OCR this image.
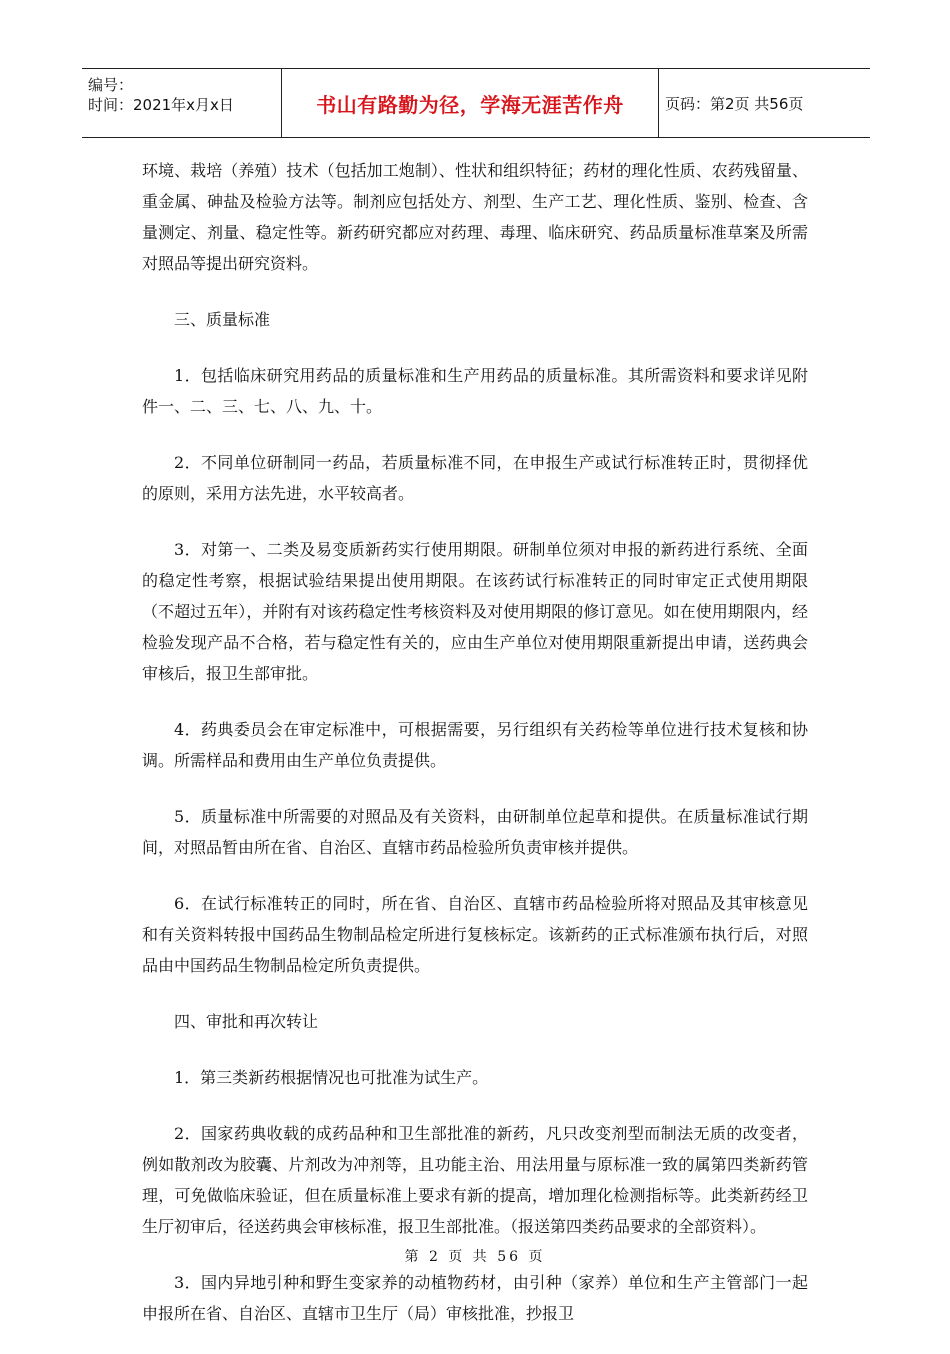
编号：
时间：2021年x月x日	书山有路勤为径，学海无涯苦作舟	页码：第2页 共56页

环境、栽培（养殖）技术（包括加工炮制）、性状和组织特征；药材的理化性质、农药残留量、重金属、砷盐及检验方法等。制剂应包括处方、剂型、生产工艺、理化性质、鉴别、检查、含量测定、剂量、稳定性等。新药研究都应对药理、毒理、临床研究、药品质量标准草案及所需对照品等提出研究资料。

三、质量标准

1．包括临床研究用药品的质量标准和生产用药品的质量标准。其所需资料和要求详见附件一、二、三、七、八、九、十。

2．不同单位研制同一药品，若质量标准不同，在申报生产或试行标准转正时，贯彻择优的原则，采用方法先进，水平较高者。

3．对第一、二类及易变质新药实行使用期限。研制单位须对申报的新药进行系统、全面的稳定性考察，根据试验结果提出使用期限。在该药试行标准转正的同时审定正式使用期限（不超过五年），并附有对该药稳定性考核资料及对使用期限的修订意见。如在使用期限内，经检验发现产品不合格，若与稳定性有关的，应由生产单位对使用期限重新提出申请，送药典会审核后，报卫生部审批。

4．药典委员会在审定标准中，可根据需要，另行组织有关药检等单位进行技术复核和协调。所需样品和费用由生产单位负责提供。

5．质量标准中所需要的对照品及有关资料，由研制单位起草和提供。在质量标准试行期间，对照品暂由所在省、自治区、直辖市药品检验所负责审核并提供。

6．在试行标准转正的同时，所在省、自治区、直辖市药品检验所将对照品及其审核意见和有关资料转报中国药品生物制品检定所进行复核标定。该新药的正式标准颁布执行后，对照品由中国药品生物制品检定所负责提供。

四、审批和再次转让

1．第三类新药根据情况也可批准为试生产。

2．国家药典收载的成药品种和卫生部批准的新药，凡只改变剂型而制法无质的改变者，例如散剂改为胶囊、片剂改为冲剂等，且功能主治、用法用量与原标准一致的属第四类新药管理，可免做临床验证，但在质量标准上要求有新的提高，增加理化检测指标等。此类新药经卫生厅初审后，径送药典会审核标准，报卫生部批准。（报送第四类药品要求的全部资料）。

3．国内异地引种和野生变家养的动植物药材，由引种（家养）单位和生产主管部门一起申报所在省、自治区、直辖市卫生厅（局）审核批准，抄报卫

第 2 页 共 56 页
